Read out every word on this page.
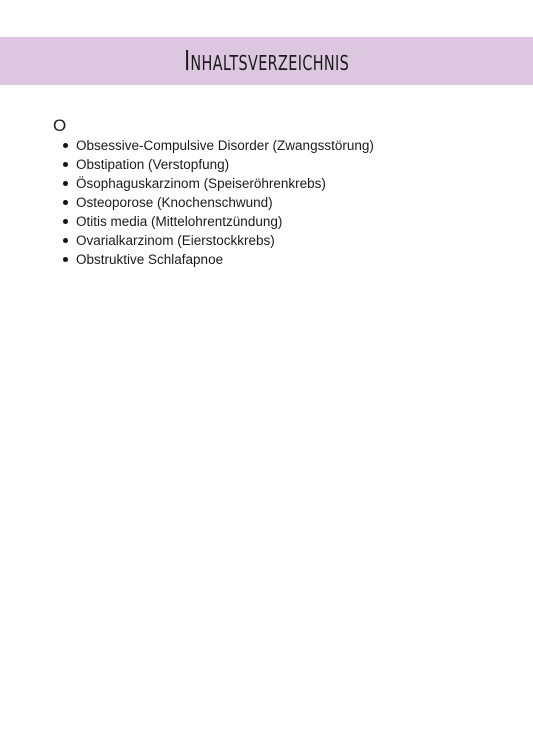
Inhaltsverzeichnis
O
Obsessive-Compulsive Disorder (Zwangsstörung)
Obstipation (Verstopfung)
Ösophaguskarzinom (Speiseröhrenkrebs)
Osteoporose (Knochenschwund)
Otitis media (Mittelohrentzündung)
Ovarialkarzinom (Eierstockkrebs)
Obstruktive Schlafapnoe
